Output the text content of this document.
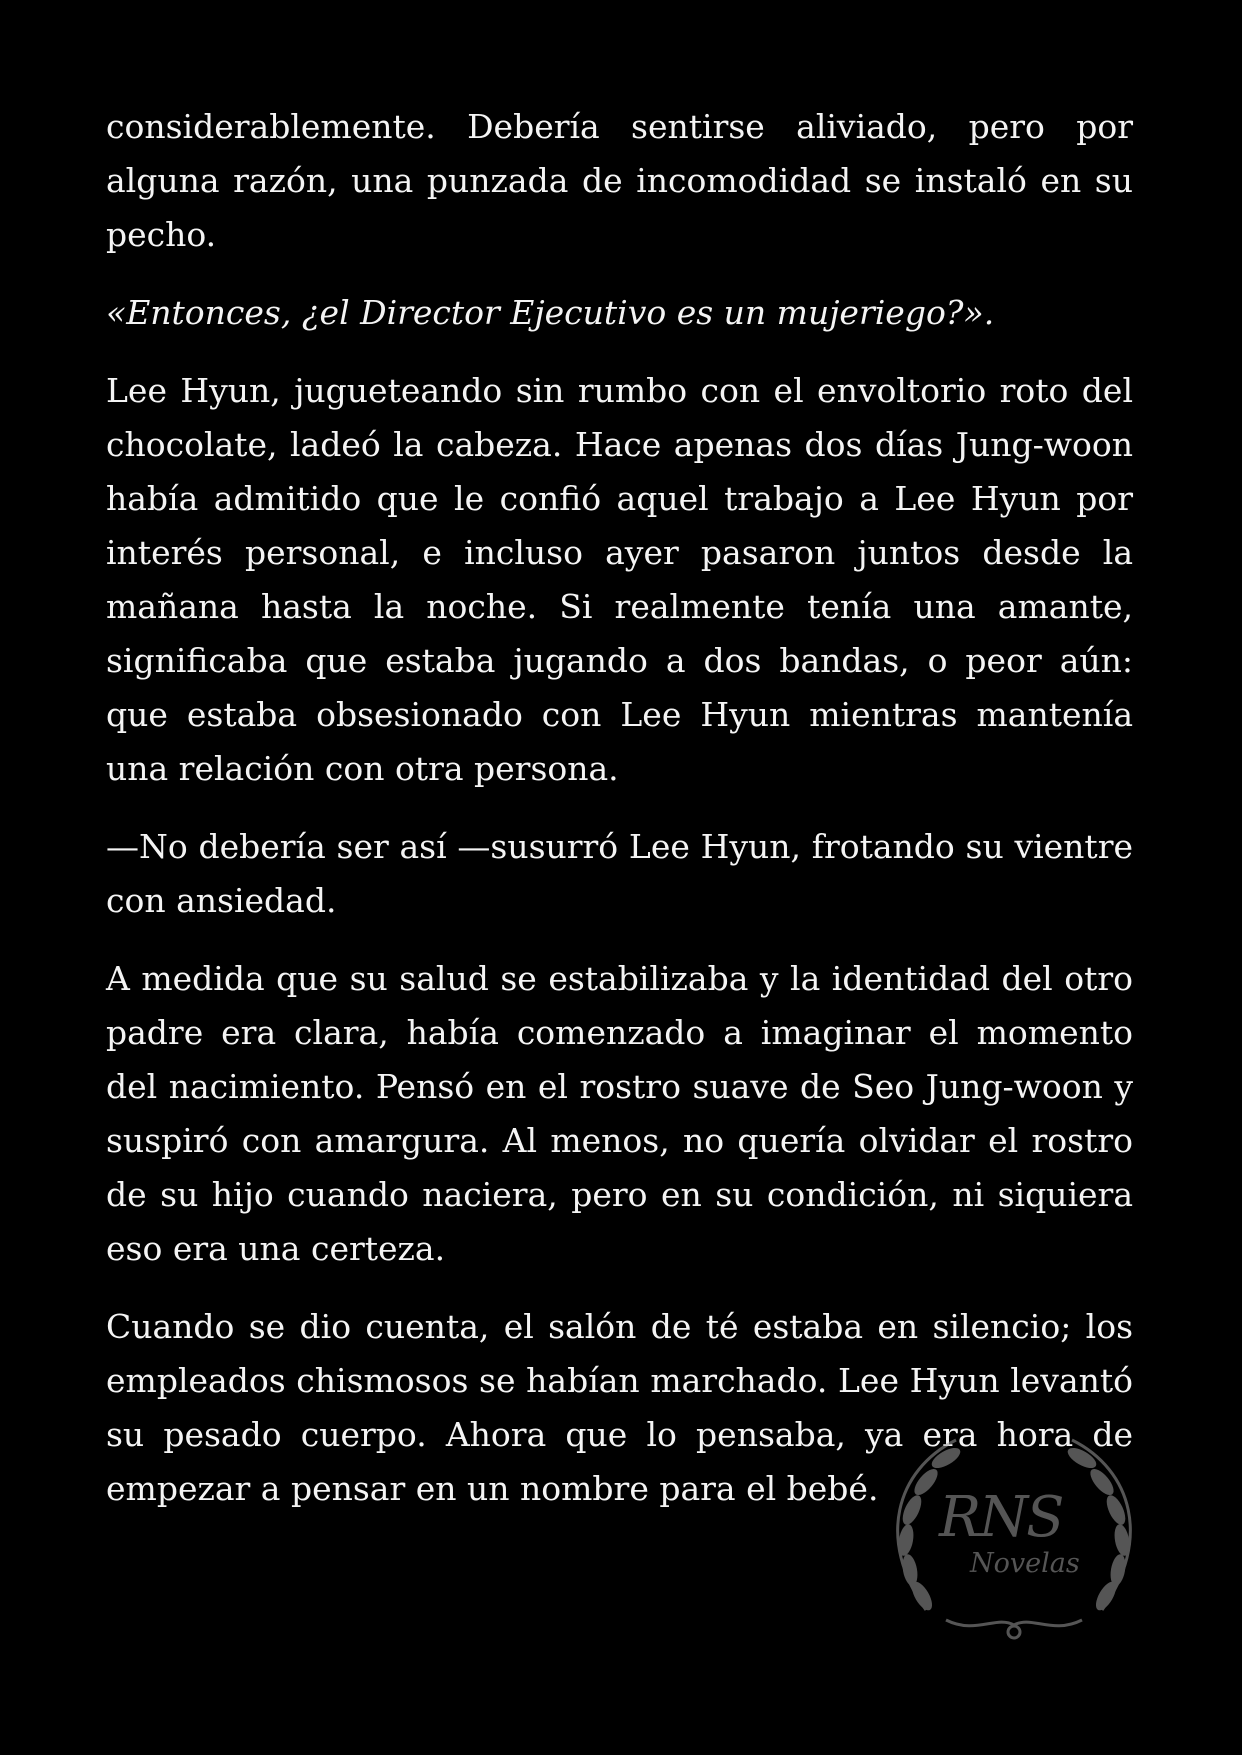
considerablemente. Debería sentirse aliviado, pero por alguna razón, una punzada de incomodidad se instaló en su pecho.

«Entonces, ¿el Director Ejecutivo es un mujeriego?».

Lee Hyun, jugueteando sin rumbo con el envoltorio roto del chocolate, ladeó la cabeza. Hace apenas dos días Jung-woon había admitido que le confió aquel trabajo a Lee Hyun por interés personal, e incluso ayer pasaron juntos desde la mañana hasta la noche. Si realmente tenía una amante, significaba que estaba jugando a dos bandas, o peor aún: que estaba obsesionado con Lee Hyun mientras mantenía una relación con otra persona.

—No debería ser así —susurró Lee Hyun, frotando su vientre con ansiedad.

A medida que su salud se estabilizaba y la identidad del otro padre era clara, había comenzado a imaginar el momento del nacimiento. Pensó en el rostro suave de Seo Jung-woon y suspiró con amargura. Al menos, no quería olvidar el rostro de su hijo cuando naciera, pero en su condición, ni siquiera eso era una certeza.

Cuando se dio cuenta, el salón de té estaba en silencio; los empleados chismosos se habían marchado. Lee Hyun levantó su pesado cuerpo. Ahora que lo pensaba, ya era hora de empezar a pensar en un nombre para el bebé.	RNS
Novelas
